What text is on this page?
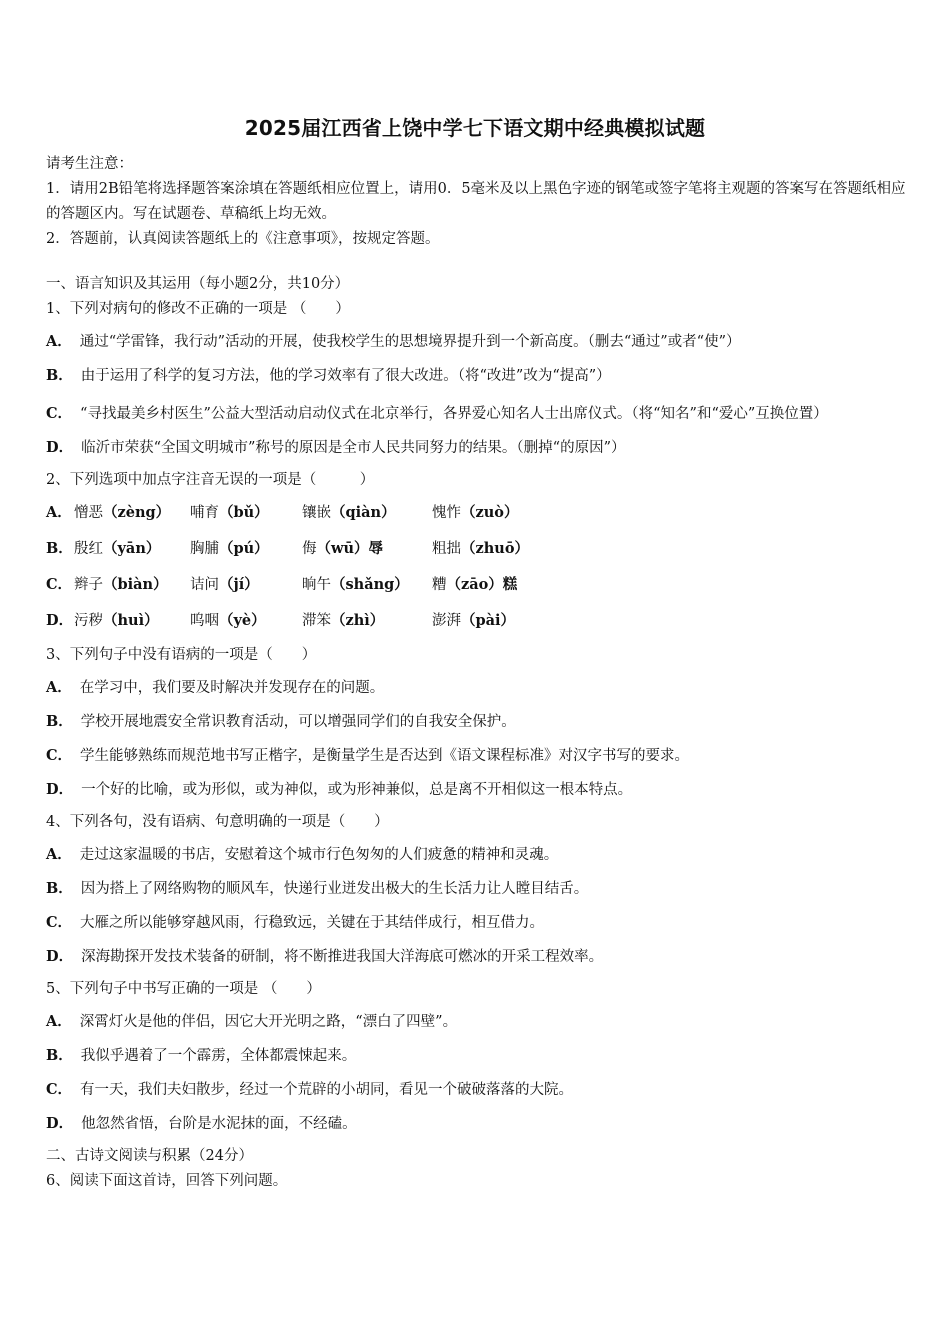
2025届江西省上饶中学七下语文期中经典模拟试题

请考生注意：

1．请用2B铅笔将选择题答案涂填在答题纸相应位置上，请用0．5毫米及以上黑色字迹的钢笔或签字笔将主观题的答案写在答题纸相应的答题区内。写在试题卷、草稿纸上均无效。

2．答题前，认真阅读答题纸上的《注意事项》，按规定答题。

一、语言知识及其运用（每小题2分，共10分）

1、下列对病句的修改不正确的一项是 （　　）

A． 通过“学雷锋，我行动”活动的开展，使我校学生的思想境界提升到一个新高度。（删去“通过”或者“使”）

B． 由于运用了科学的复习方法，他的学习效率有了很大改进。（将“改进”改为“提高”）

C． “寻找最美乡村医生”公益大型活动启动仪式在北京举行，各界爱心知名人士出席仪式。（将“知名”和“爱心”互换位置）

D． 临沂市荣获“全国文明城市”称号的原因是全市人民共同努力的结果。（删掉“的原因”）

2、下列选项中加点字注音无误的一项是（　　　）

A． 憎恶（zèng）	哺育（bǔ）	镶嵌（qiàn）	愧怍（zuò）
B． 殷红（yān）	胸脯（pú）	侮（wū）辱	粗拙（zhuō）
C． 辫子（biàn）	诘问（jí）	晌午（shǎng）	糟（zāo）糕
D． 污秽（huì）	呜咽（yè）	滞笨（zhì）	澎湃（pài）

3、下列句子中没有语病的一项是（　　）

A． 在学习中，我们要及时解决并发现存在的问题。

B． 学校开展地震安全常识教育活动，可以增强同学们的自我安全保护。

C． 学生能够熟练而规范地书写正楷字，是衡量学生是否达到《语文课程标准》对汉字书写的要求。

D． 一个好的比喻，或为形似，或为神似，或为形神兼似，总是离不开相似这一根本特点。

4、下列各句，没有语病、句意明确的一项是（　　）

A． 走过这家温暖的书店，安慰着这个城市行色匆匆的人们疲惫的精神和灵魂。

B． 因为搭上了网络购物的顺风车，快递行业迸发出极大的生长活力让人瞠目结舌。

C． 大雁之所以能够穿越风雨，行稳致远，关键在于其结伴成行，相互借力。

D． 深海勘探开发技术装备的研制，将不断推进我国大洋海底可燃冰的开采工程效率。

5、下列句子中书写正确的一项是 （　　）

A． 深霄灯火是他的伴侣，因它大开光明之路，“漂白了四壁”。

B． 我似乎遇着了一个霹雳，全体都震悚起来。

C． 有一天，我们夫妇散步，经过一个荒辟的小胡同，看见一个破破落落的大院。

D． 他忽然省悟，台阶是水泥抹的面，不经磕。

二、古诗文阅读与积累（24分）

6、阅读下面这首诗，回答下列问题。
